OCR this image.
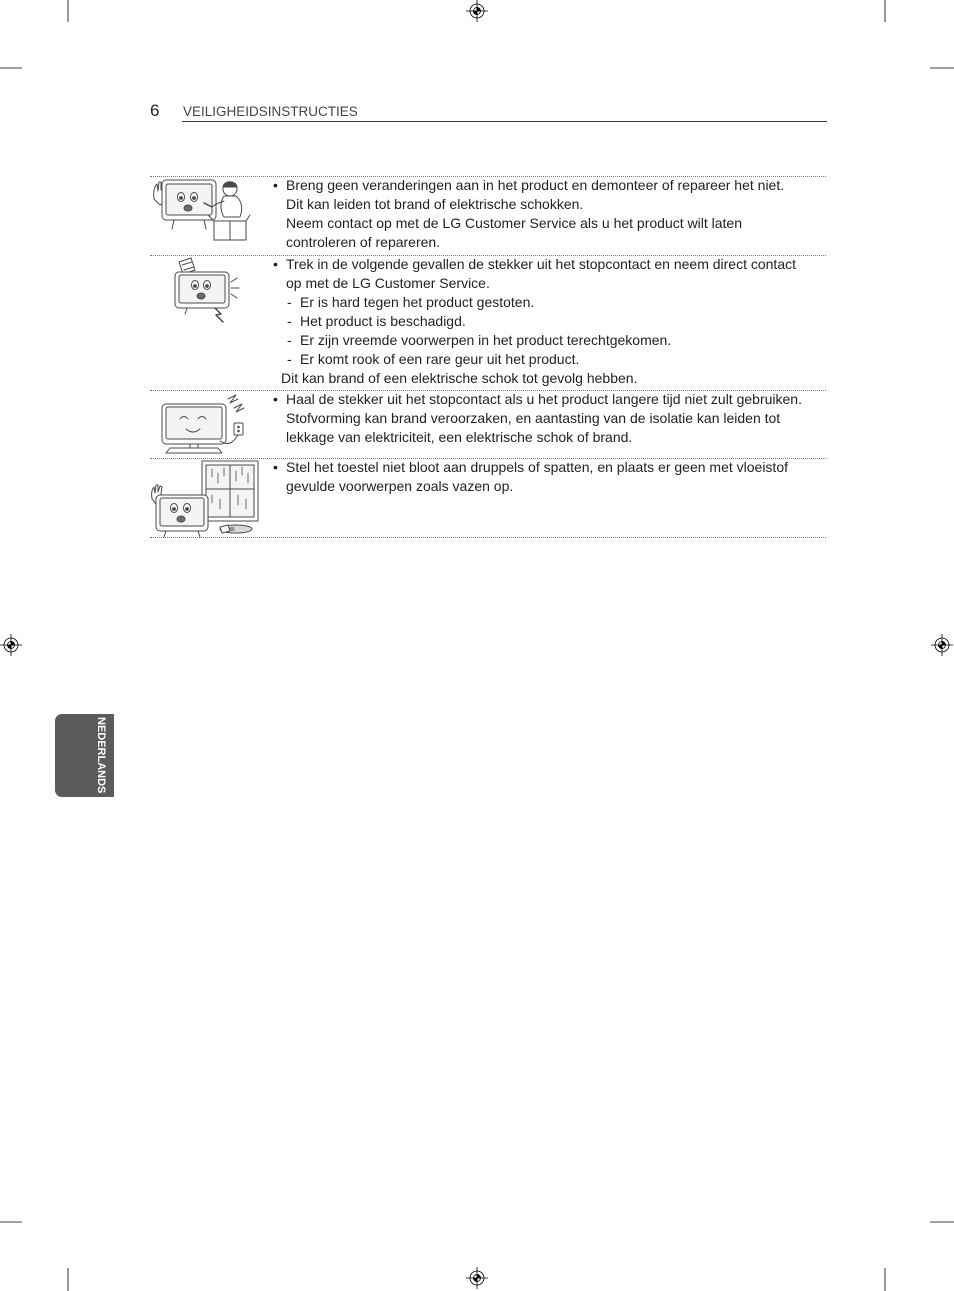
6 VEILIGHEIDSINSTRUCTIES
• Breng geen veranderingen aan in het product en demonteer of repareer het niet.
Dit kan leiden tot brand of elektrische schokken.
Neem contact op met de LG Customer Service als u het product wilt laten
controleren of repareren.
• Trek in de volgende gevallen de stekker uit het stopcontact en neem direct contact
op met de LG Customer Service.
- Er is hard tegen het product gestoten.
- Het product is beschadigd.
- Er zijn vreemde voorwerpen in het product terechtgekomen.
- Er komt rook of een rare geur uit het product.
Dit kan brand of een elektrische schok tot gevolg hebben.
• Haal de stekker uit het stopcontact als u het product langere tijd niet zult gebruiken.
Stofvorming kan brand veroorzaken, en aantasting van de isolatie kan leiden tot
lekkage van elektriciteit, een elektrische schok of brand.
• Stel het toestel niet bloot aan druppels of spatten, en plaats er geen met vloeistof
gevulde voorwerpen zoals vazen op.
NEDERLANDS
